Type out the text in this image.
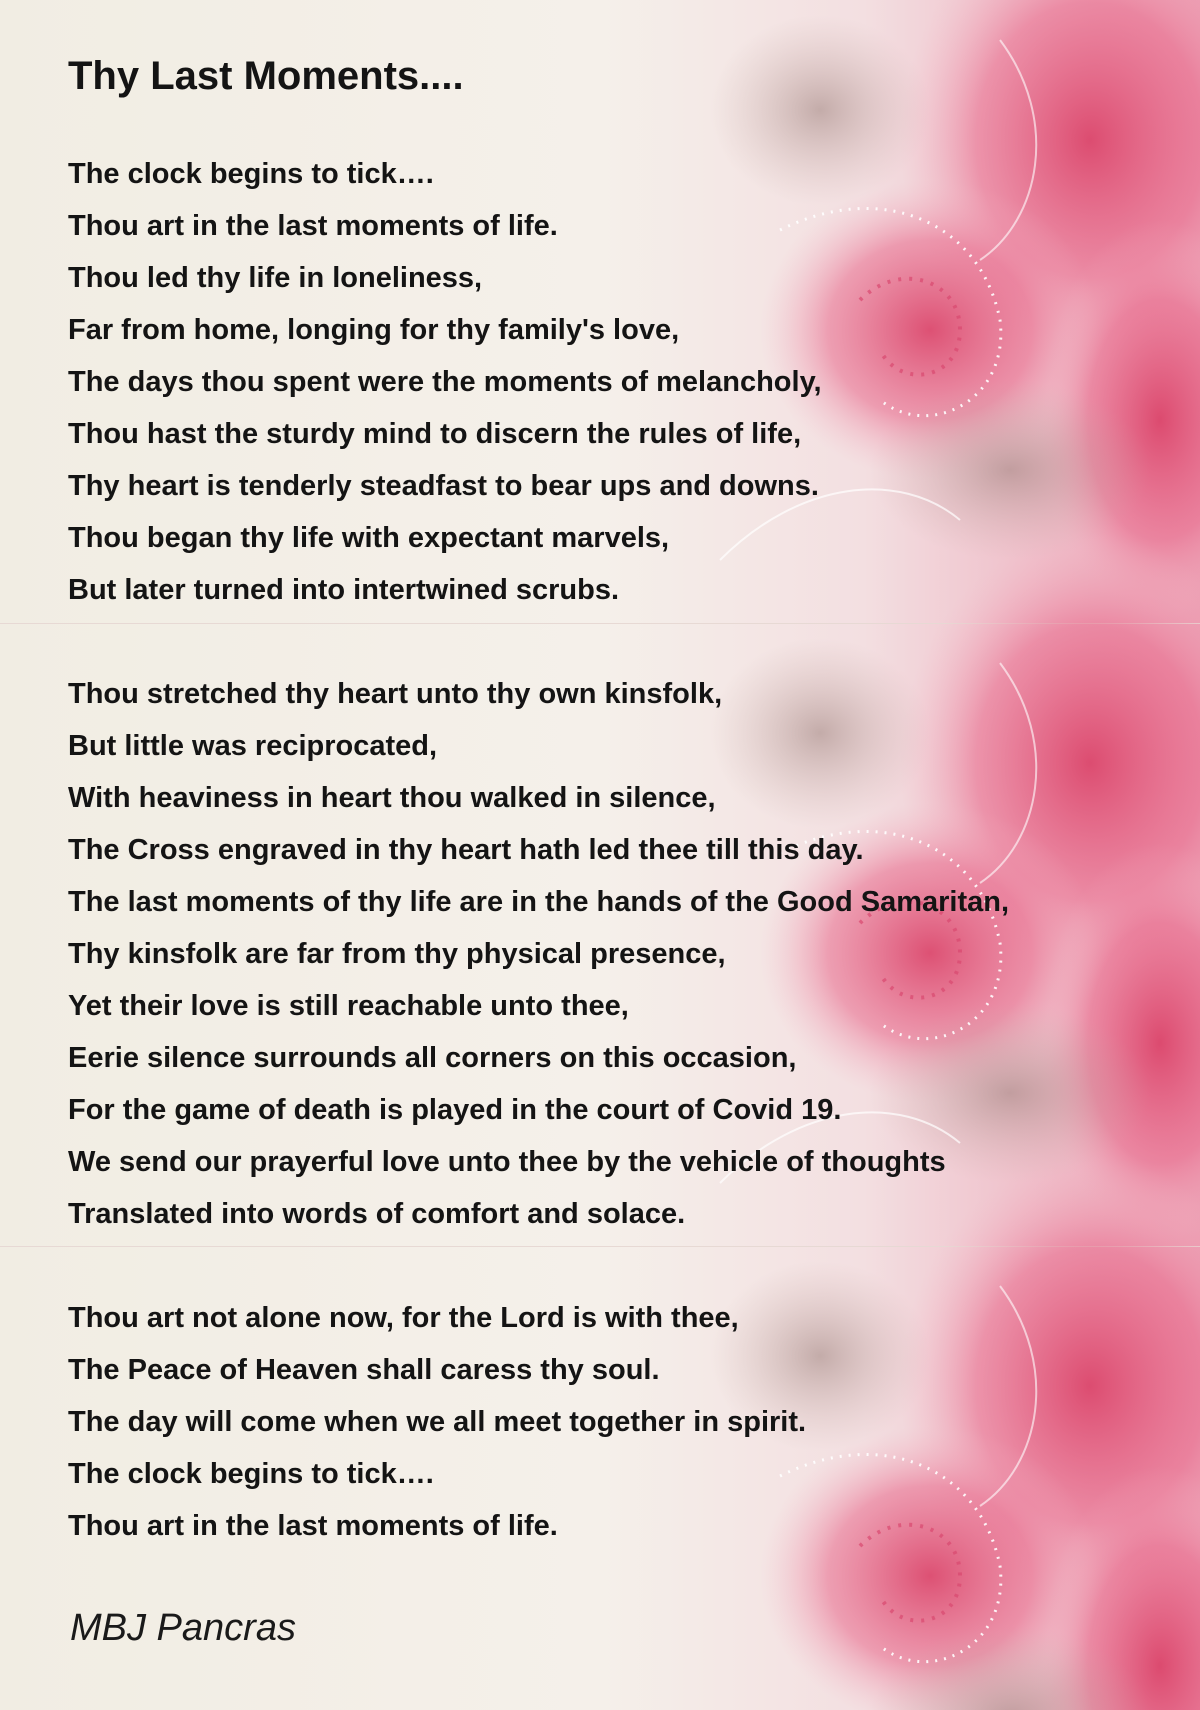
Thy Last Moments....
The clock begins to tick….
Thou art in the last moments of life.
Thou led thy life in loneliness,
Far from home, longing for thy family's love,
The days thou spent were the moments of melancholy,
Thou hast the sturdy mind to discern the rules of life,
Thy heart is tenderly steadfast to bear ups and downs.
Thou began thy life with expectant marvels,
But later turned into intertwined scrubs.
Thou stretched thy heart unto thy own kinsfolk,
But little was reciprocated,
With heaviness in heart thou walked in silence,
The Cross engraved in thy heart hath led thee till this day.
The last moments of thy life are in the hands of the Good Samaritan,
Thy kinsfolk are far from thy physical presence,
Yet their love is still reachable unto thee,
Eerie silence surrounds all corners on this occasion,
For the game of death is played in the court of Covid 19.
We send our prayerful love unto thee by the vehicle of thoughts
Translated into words of comfort and solace.
Thou art not alone now, for the Lord is with thee,
The Peace of Heaven shall caress thy soul.
The day will come when we all meet together in spirit.
The clock begins to tick….
Thou art in the last moments of life.
MBJ Pancras
